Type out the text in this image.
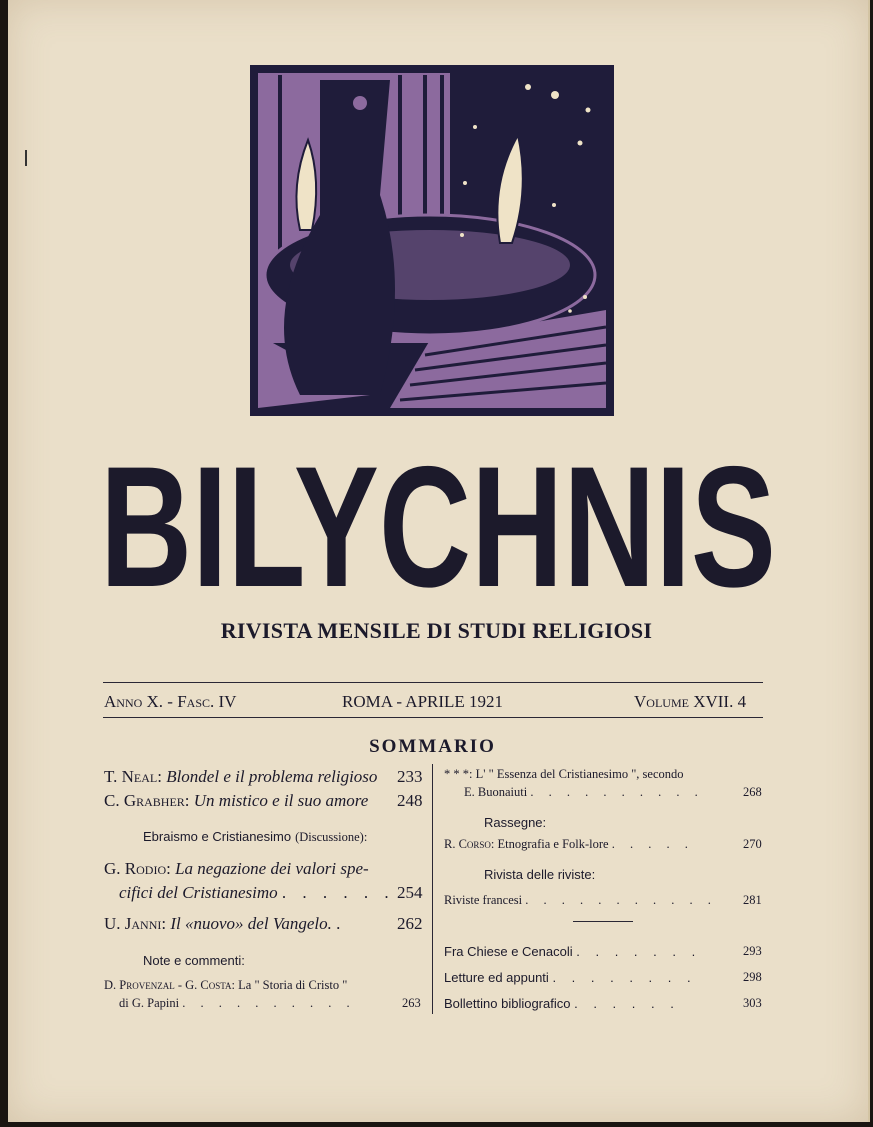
BILYCHNIS
RIVISTA MENSILE DI STUDI RELIGIOSI
Anno X. - Fasc. IV	ROMA - APRILE 1921	Volume XVII. 4
SOMMARIO
T. Neal: Blondel e il problema religioso 233
C. Grabher: Un mistico e il suo amore 248
Ebraismo e Cristianesimo (Discussione):
G. Rodio: La negazione dei valori spe-
cifici del Cristianesimo . . . . . . 254
U. Janni: Il «nuovo» del Vangelo. .	262
Note e commenti:
D. Provenzal - G. Costa: La " Storia di Cristo "
di G. Papini . . . . . . . . . .	263
* * *: L' " Essenza del Cristianesimo ", secondo
E. Buonaiuti . . . . . . . . . .	268
Rassegne:
R. Corso: Etnografia e Folk-lore . . . . .	270
Rivista delle riviste:
Riviste francesi . . . . . . . . . . . 281
Fra Chiese e Cenacoli . . . . . . .	293
Letture ed appunti . . . . . . . .	298
Bollettino bibliografico . . . . . .	303
